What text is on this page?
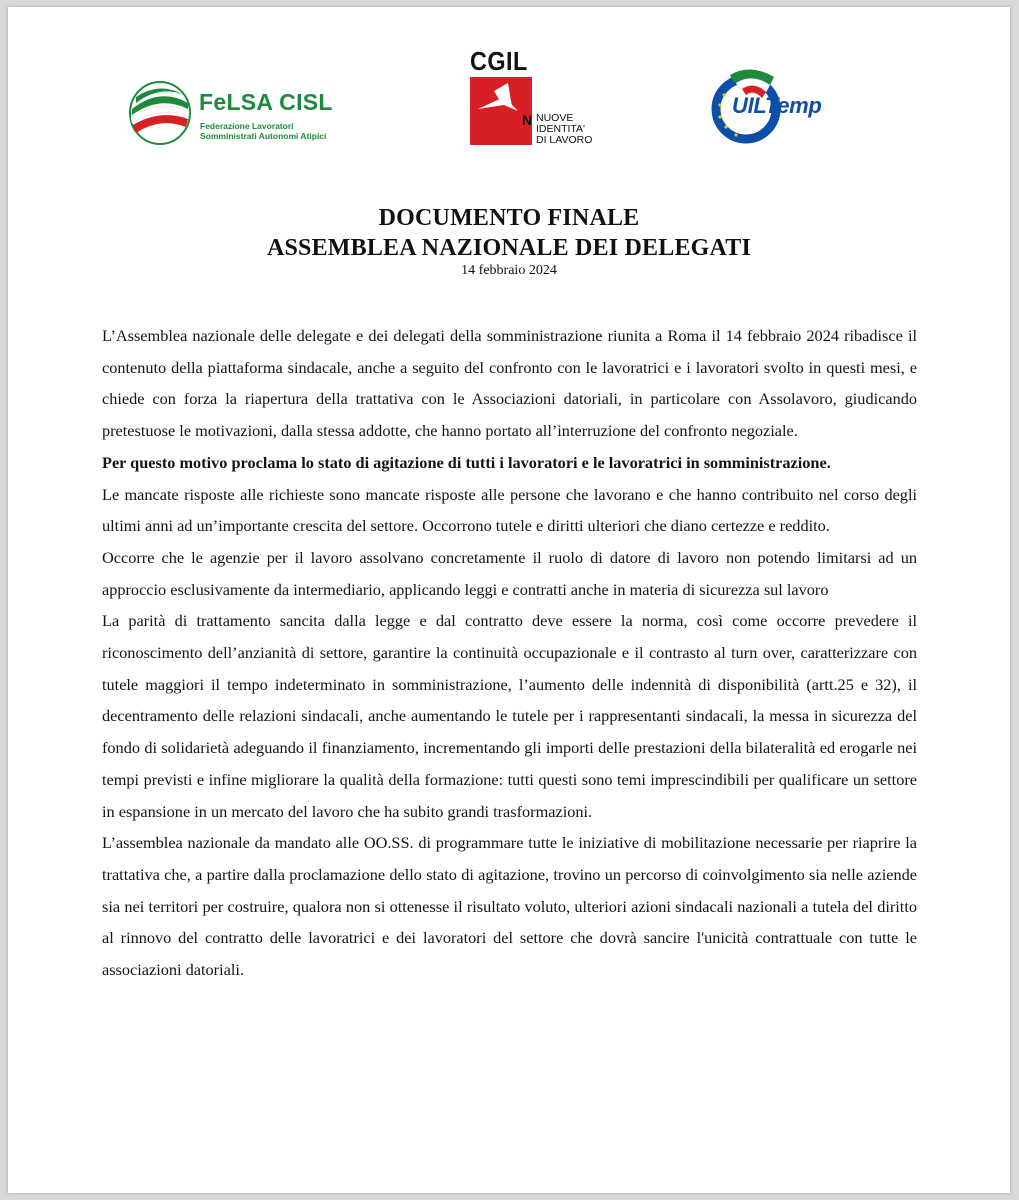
FeLSA CISL
Federazione Lavoratori
Somministrati Autonomi Atipici
CGIL
N NUOVE
IDENTITA'
DI LAVORO
UILTemp
DOCUMENTO FINALE
ASSEMBLEA NAZIONALE DEI DELEGATI
14 febbraio 2024

L’Assemblea nazionale delle delegate e dei delegati della somministrazione riunita a Roma il 14 febbraio 2024 ribadisce il contenuto della piattaforma sindacale, anche a seguito del confronto con le lavoratrici e i lavoratori svolto in questi mesi, e chiede con forza la riapertura della trattativa con le Associazioni datoriali, in particolare con Assolavoro, giudicando pretestuose le motivazioni, dalla stessa addotte, che hanno portato all’interruzione del confronto negoziale.

Per questo motivo proclama lo stato di agitazione di tutti i lavoratori e le lavoratrici in somministrazione.

Le mancate risposte alle richieste sono mancate risposte alle persone che lavorano e che hanno contribuito nel corso degli ultimi anni ad un’importante crescita del settore. Occorrono tutele e diritti ulteriori che diano certezze e reddito.

Occorre che le agenzie per il lavoro assolvano concretamente il ruolo di datore di lavoro non potendo limitarsi ad un approccio esclusivamente da intermediario, applicando leggi e contratti anche in materia di sicurezza sul lavoro

La parità di trattamento sancita dalla legge e dal contratto deve essere la norma, così come occorre prevedere il riconoscimento dell’anzianità di settore, garantire la continuità occupazionale e il contrasto al turn over, caratterizzare con tutele maggiori il tempo indeterminato in somministrazione, l’aumento delle indennità di disponibilità (artt.25 e 32), il decentramento delle relazioni sindacali, anche aumentando le tutele per i rappresentanti sindacali, la messa in sicurezza del fondo di solidarietà adeguando il finanziamento, incrementando gli importi delle prestazioni della bilateralità ed erogarle nei tempi previsti e infine migliorare la qualità della formazione: tutti questi sono temi imprescindibili per qualificare un settore in espansione in un mercato del lavoro che ha subito grandi trasformazioni.

L’assemblea nazionale da mandato alle OO.SS. di programmare tutte le iniziative di mobilitazione necessarie per riaprire la trattativa che, a partire dalla proclamazione dello stato di agitazione, trovino un percorso di coinvolgimento sia nelle aziende sia nei territori per costruire, qualora non si ottenesse il risultato voluto, ulteriori azioni sindacali nazionali a tutela del diritto al rinnovo del contratto delle lavoratrici e dei lavoratori del settore che dovrà sancire l'unicità contrattuale con tutte le associazioni datoriali.
